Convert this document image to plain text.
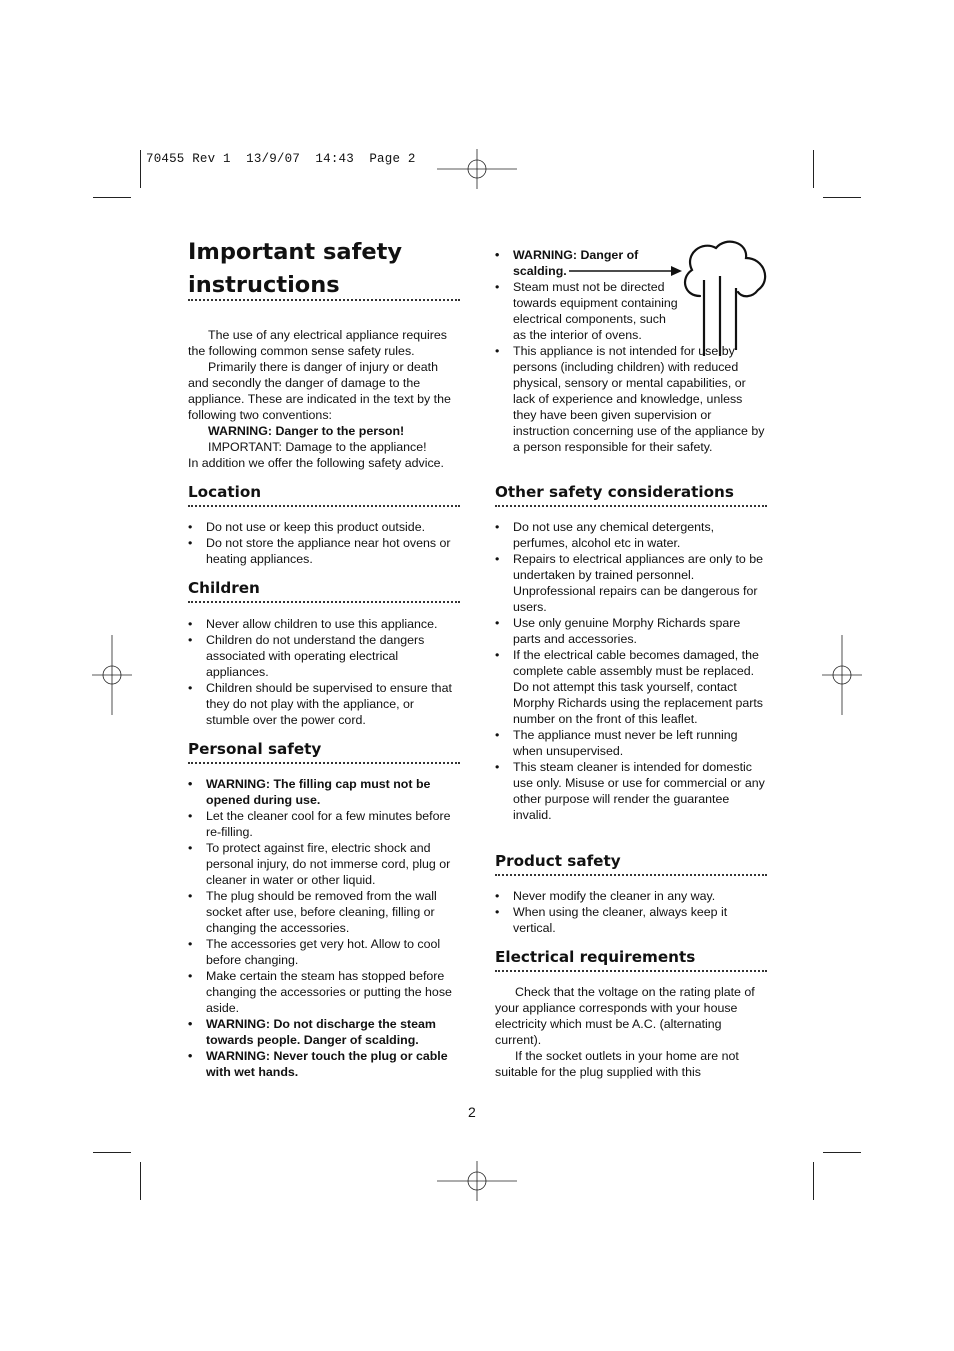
70455 Rev 1  13/9/07  14:43  Page 2
Important safety instructions

The use of any electrical appliance requires the following common sense safety rules.

Primarily there is danger of injury or death and secondly the danger of damage to the appliance. These are indicated in the text by the following two conventions:

WARNING: Danger to the person!

IMPORTANT: Damage to the appliance!

In addition we offer the following safety advice.

Location
• Do not use or keep this product outside.
• Do not store the appliance near hot ovens or heating appliances.
Children
• Never allow children to use this appliance.
• Children do not understand the dangers associated with operating electrical appliances.
• Children should be supervised to ensure that they do not play with the appliance, or stumble over the power cord.
Personal safety
• WARNING: The filling cap must not be opened during use.
• Let the cleaner cool for a few minutes before re-filling.
• To protect against fire, electric shock and personal injury, do not immerse cord, plug or cleaner in water or other liquid.
• The plug should be removed from the wall socket after use, before cleaning, filling or changing the accessories.
• The accessories get very hot. Allow to cool before changing.
• Make certain the steam has stopped before changing the accessories or putting the hose aside.
• WARNING: Do not discharge the steam towards people. Danger of scalding.
• WARNING: Never touch the plug or cable with wet hands.
• WARNING: Danger of scalding.
• Steam must not be directed towards equipment containing electrical components, such as the interior of ovens.
• This appliance is not intended for use by persons (including children) with reduced physical, sensory or mental capabilities, or lack of experience and knowledge, unless they have been given supervision or instruction concerning use of the appliance by a person responsible for their safety.
Other safety considerations
• Do not use any chemical detergents, perfumes, alcohol etc in water.
• Repairs to electrical appliances are only to be undertaken by trained personnel. Unprofessional repairs can be dangerous for users.
• Use only genuine Morphy Richards spare parts and accessories.
• If the electrical cable becomes damaged, the complete cable assembly must be replaced. Do not attempt this task yourself, contact Morphy Richards using the replacement parts number on the front of this leaflet.
• The appliance must never be left running when unsupervised.
• This steam cleaner is intended for domestic use only. Misuse or use for commercial or any other purpose will render the guarantee invalid.
Product safety
• Never modify the cleaner in any way.
• When using the cleaner, always keep it vertical.
Electrical requirements

Check that the voltage on the rating plate of your appliance corresponds with your house electricity which must be A.C. (alternating current).

If the socket outlets in your home are not suitable for the plug supplied with this

2
